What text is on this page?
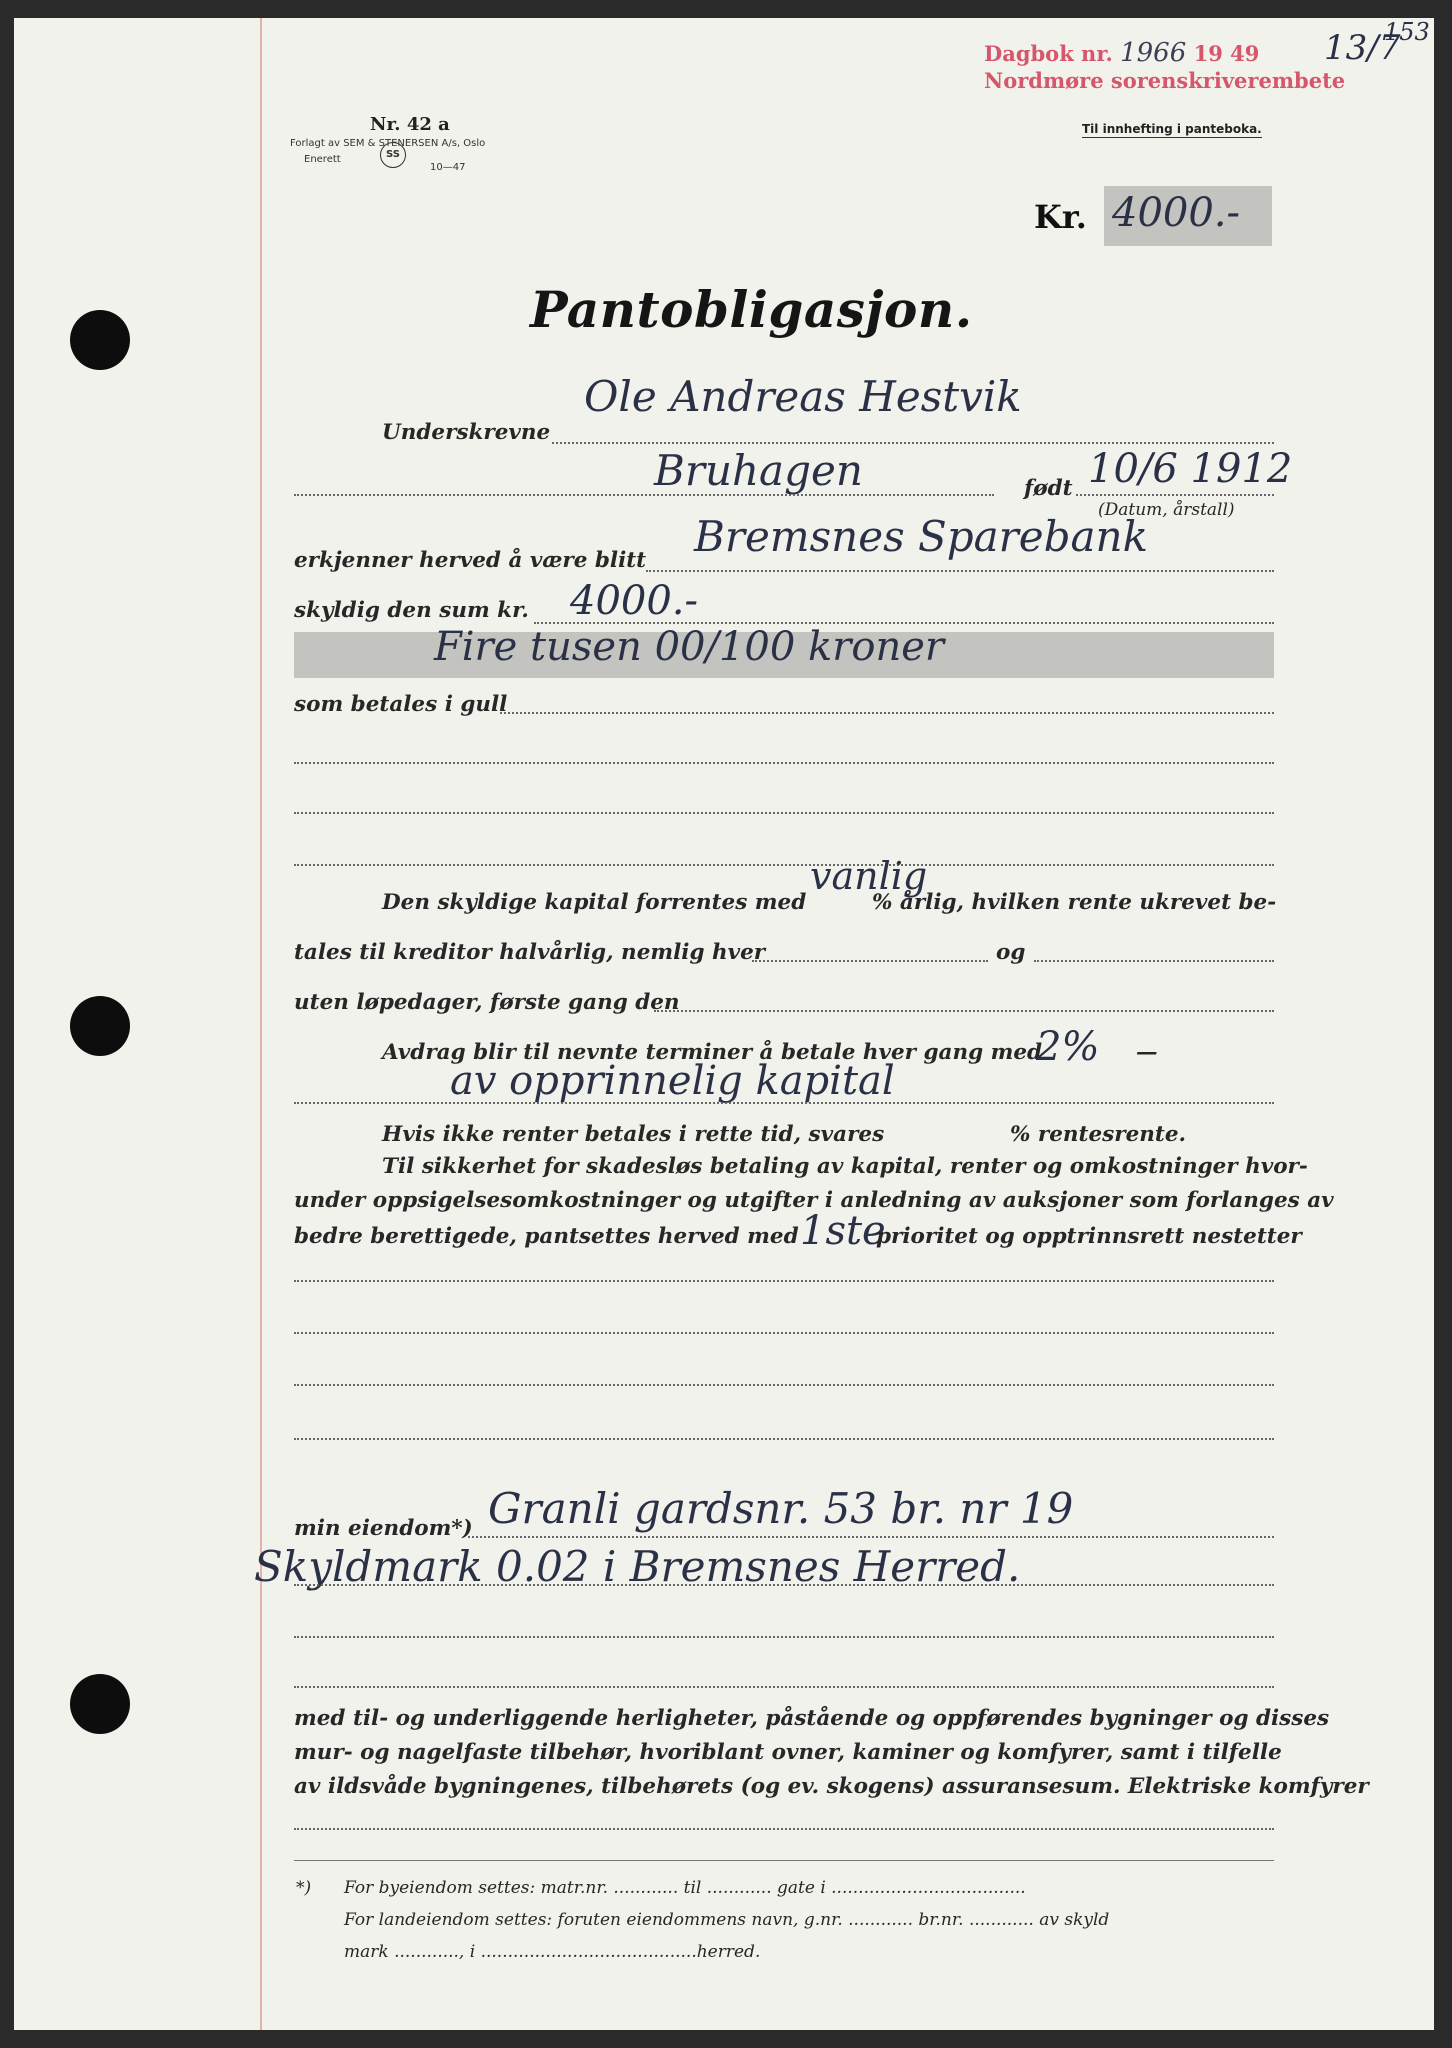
Dagbok nr. 1966 19 49
Nordmøre sorenskriverembete
13/7
153
Nr. 42 a
Forlagt av SEM & STENERSEN A/s, Oslo
Enerett	SS
10—47
Til innhefting i panteboka.
Kr. 4000.-
Pantobligasjon.
Ole Andreas Hestvik
Underskrevne
Bruhagen	født 10/6 1912
(Datum, årstall)
erkjenner herved å være blitt Bremsnes Sparebank
skyldig den sum kr. 4000.-
Fire tusen 00/100 kroner
som betales i gull
vanlig
Den skyldige kapital forrentes med	% årlig, hvilken rente ukrevet be-
tales til kreditor halvårlig, nemlig hver	og
uten løpedager, første gang den
Avdrag blir til nevnte terminer å betale hver gang med
2% —
av opprinnelig kapital
Hvis ikke renter betales i rette tid, svares	% rentesrente.
Til sikkerhet for skadesløs betaling av kapital, renter og omkostninger hvor-
under oppsigelsesomkostninger og utgifter i anledning av auksjoner som forlanges av
bedre berettigede, pantsettes herved med 1ste
prioritet og opptrinnsrett nestetter
Granli gardsnr. 53 br. nr 19
min eiendom*)
Skyldmark 0.02 i Bremsnes Herred.
med til- og underliggende herligheter, påstående og oppførendes bygninger og disses
mur- og nagelfaste tilbehør, hvoriblant ovner, kaminer og komfyrer, samt i tilfelle
av ildsvåde bygningenes, tilbehørets (og ev. skogens) assuransesum. Elektriske komfyrer
*) For byeiendom settes: matr.nr. ............ til ............ gate i ....................................
For landeiendom settes: foruten eiendommens navn, g.nr. ............ br.nr. ............ av skyld
mark ............, i ........................................herred.
